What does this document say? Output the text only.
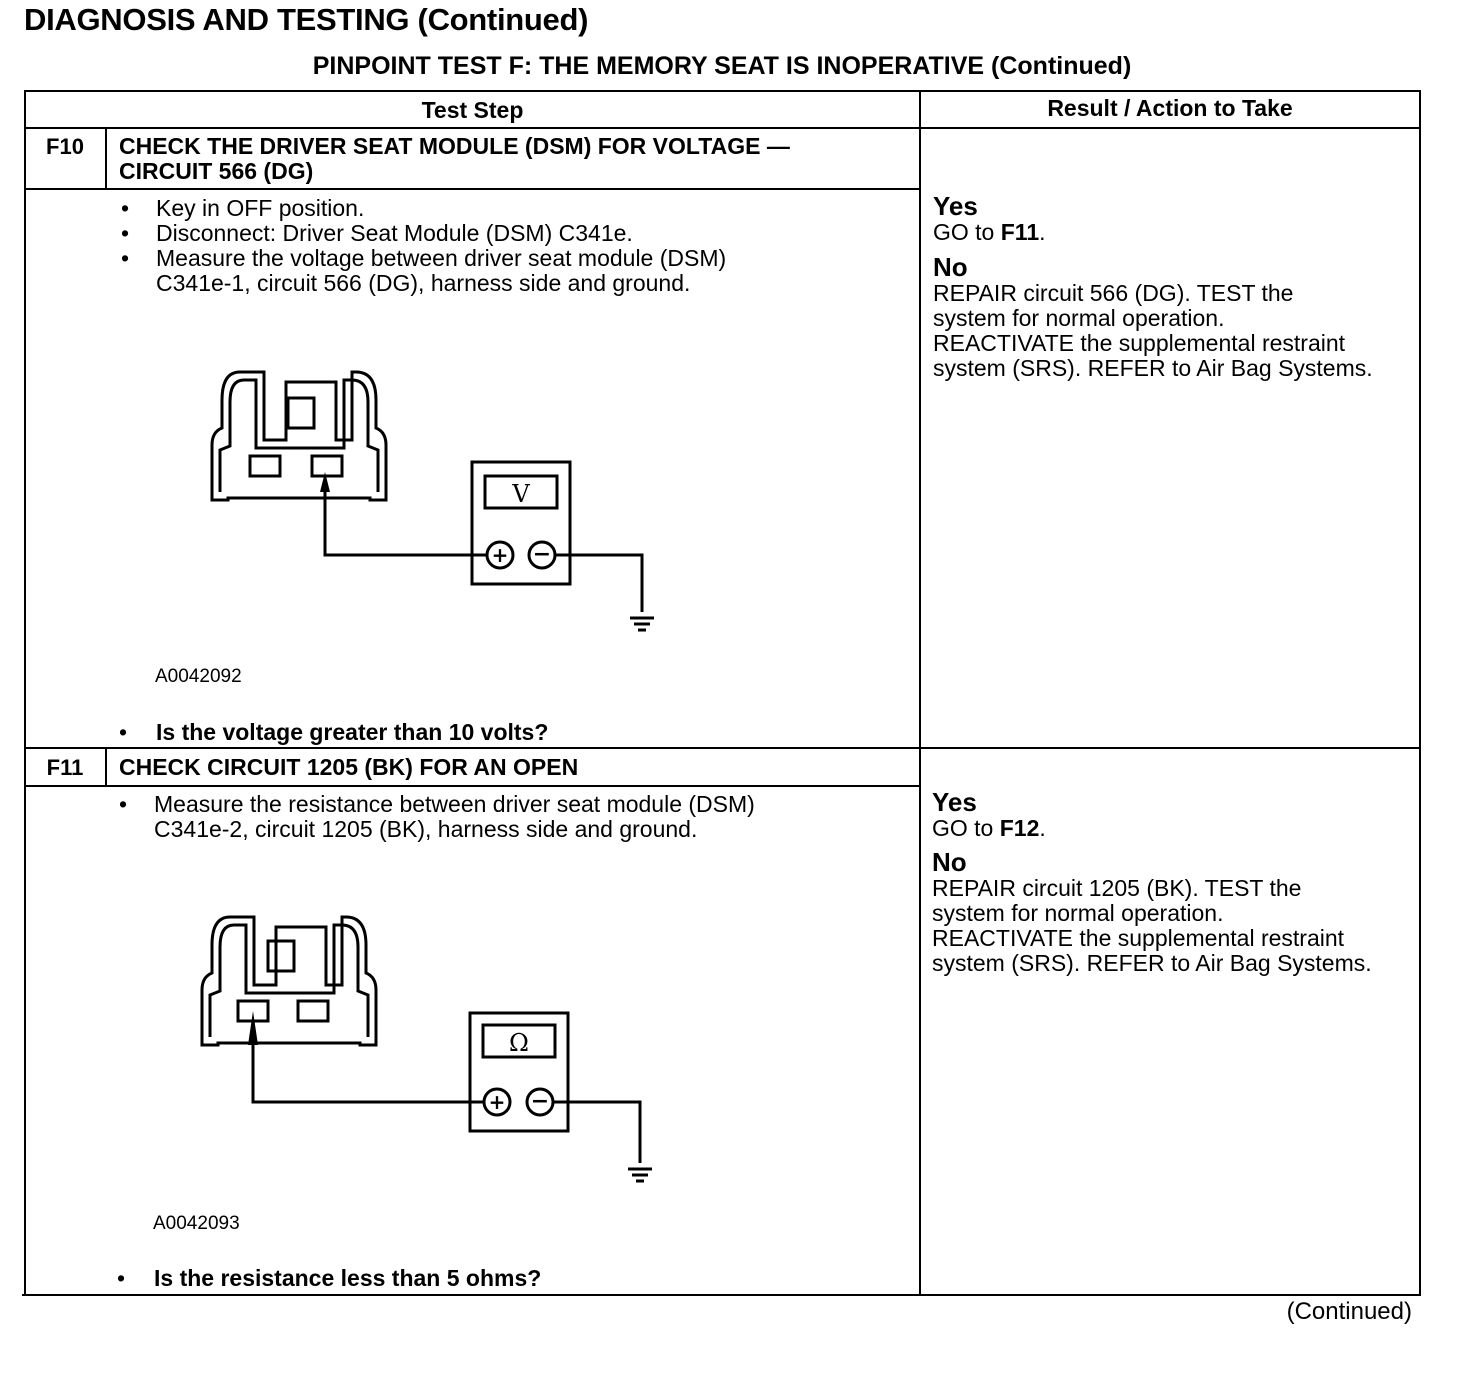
DIAGNOSIS AND TESTING (Continued)
PINPOINT TEST F: THE MEMORY SEAT IS INOPERATIVE (Continued)
Test Step	Result / Action to Take
F10	CHECK THE DRIVER SEAT MODULE (DSM) FOR VOLTAGE —
CIRCUIT 566 (DG)
• Key in OFF position.
• Disconnect: Driver Seat Module (DSM) C341e.
• Measure the voltage between driver seat module (DSM)
C341e-1, circuit 566 (DG), harness side and ground.
+ −
V
A0042092
• Is the voltage greater than 10 volts?
Yes
GO to F11.
No
REPAIR circuit 566 (DG). TEST the
system for normal operation.
REACTIVATE the supplemental restraint
system (SRS). REFER to Air Bag Systems.
F11	CHECK CIRCUIT 1205 (BK) FOR AN OPEN
• Measure the resistance between driver seat module (DSM)
C341e-2, circuit 1205 (BK), harness side and ground.
+ −
Ω
A0042093
• Is the resistance less than 5 ohms?
Yes
GO to F12.
No
REPAIR circuit 1205 (BK). TEST the
system for normal operation.
REACTIVATE the supplemental restraint
system (SRS). REFER to Air Bag Systems.
(Continued)
